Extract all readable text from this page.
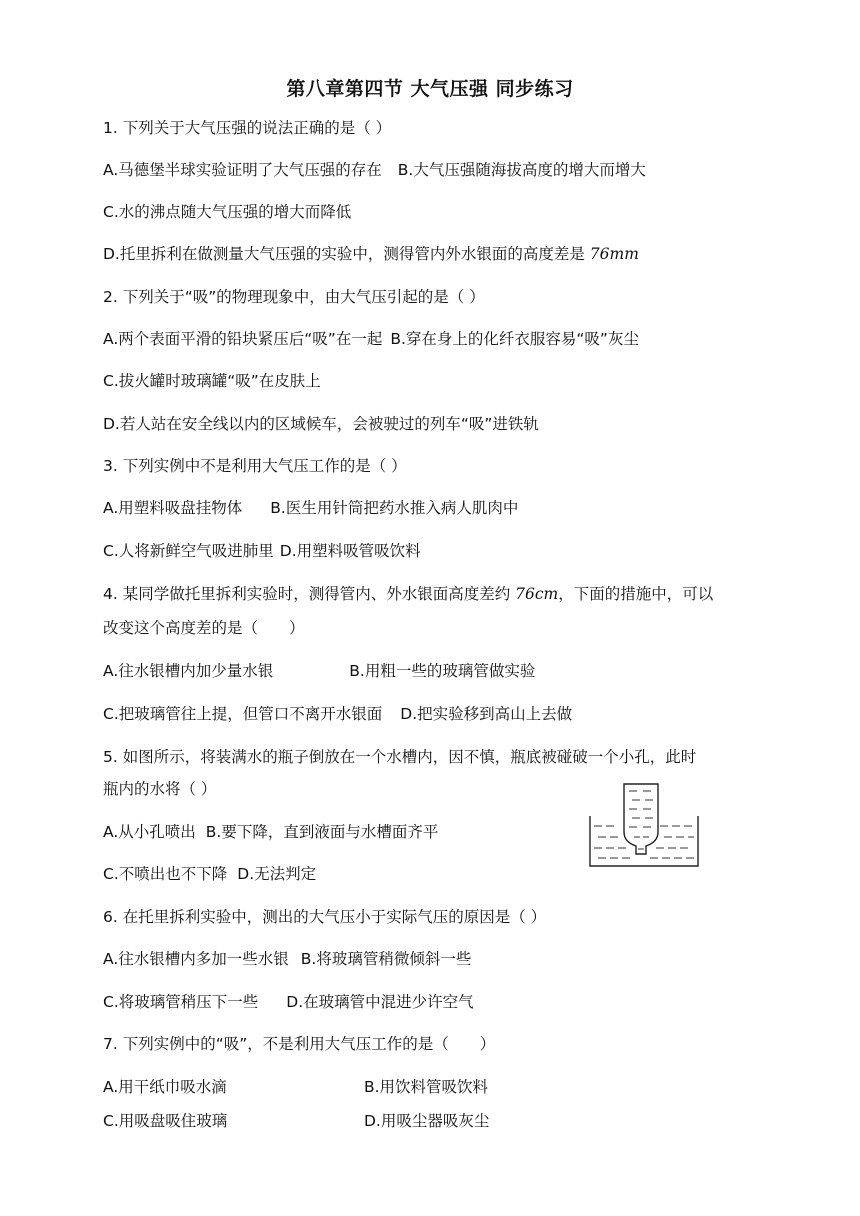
第八章第四节 大气压强 同步练习
1. 下列关于大气压强的说法正确的是（ ）
A.马德堡半球实验证明了大气压强的存在 B.大气压强随海拔高度的增大而增大
C.水的沸点随大气压强的增大而降低
D.托里拆利在做测量大气压强的实验中，测得管内外水银面的高度差是 76mm
2. 下列关于“吸”的物理现象中，由大气压引起的是（ ）
A.两个表面平滑的铅块紧压后“吸”在一起 B.穿在身上的化纤衣服容易“吸”灰尘
C.拔火罐时玻璃罐“吸”在皮肤上
D.若人站在安全线以内的区域候车，会被驶过的列车“吸”进铁轨
3. 下列实例中不是利用大气压工作的是（ ）
A.用塑料吸盘挂物体 B.医生用针筒把药水推入病人肌肉中
C.人将新鲜空气吸进肺里 D.用塑料吸管吸饮料
4. 某同学做托里拆利实验时，测得管内、外水银面高度差约 76cm，下面的措施中，可以
改变这个高度差的是（　　）
A.往水银槽内加少量水银	B.用粗一些的玻璃管做实验
C.把玻璃管往上提，但管口不离开水银面 D.把实验移到高山上去做
5. 如图所示，将装满水的瓶子倒放在一个水槽内，因不慎，瓶底被碰破一个小孔，此时
瓶内的水将（ ）
A.从小孔喷出 B.要下降，直到液面与水槽面齐平
C.不喷出也不下降 D.无法判定
6. 在托里拆利实验中，测出的大气压小于实际气压的原因是（ ）
A.往水银槽内多加一些水银 B.将玻璃管稍微倾斜一些
C.将玻璃管稍压下一些 D.在玻璃管中混进少许空气
7. 下列实例中的“吸”，不是利用大气压工作的是（　　）
A.用干纸巾吸水滴	B.用饮料管吸饮料
C.用吸盘吸住玻璃	D.用吸尘器吸灰尘
